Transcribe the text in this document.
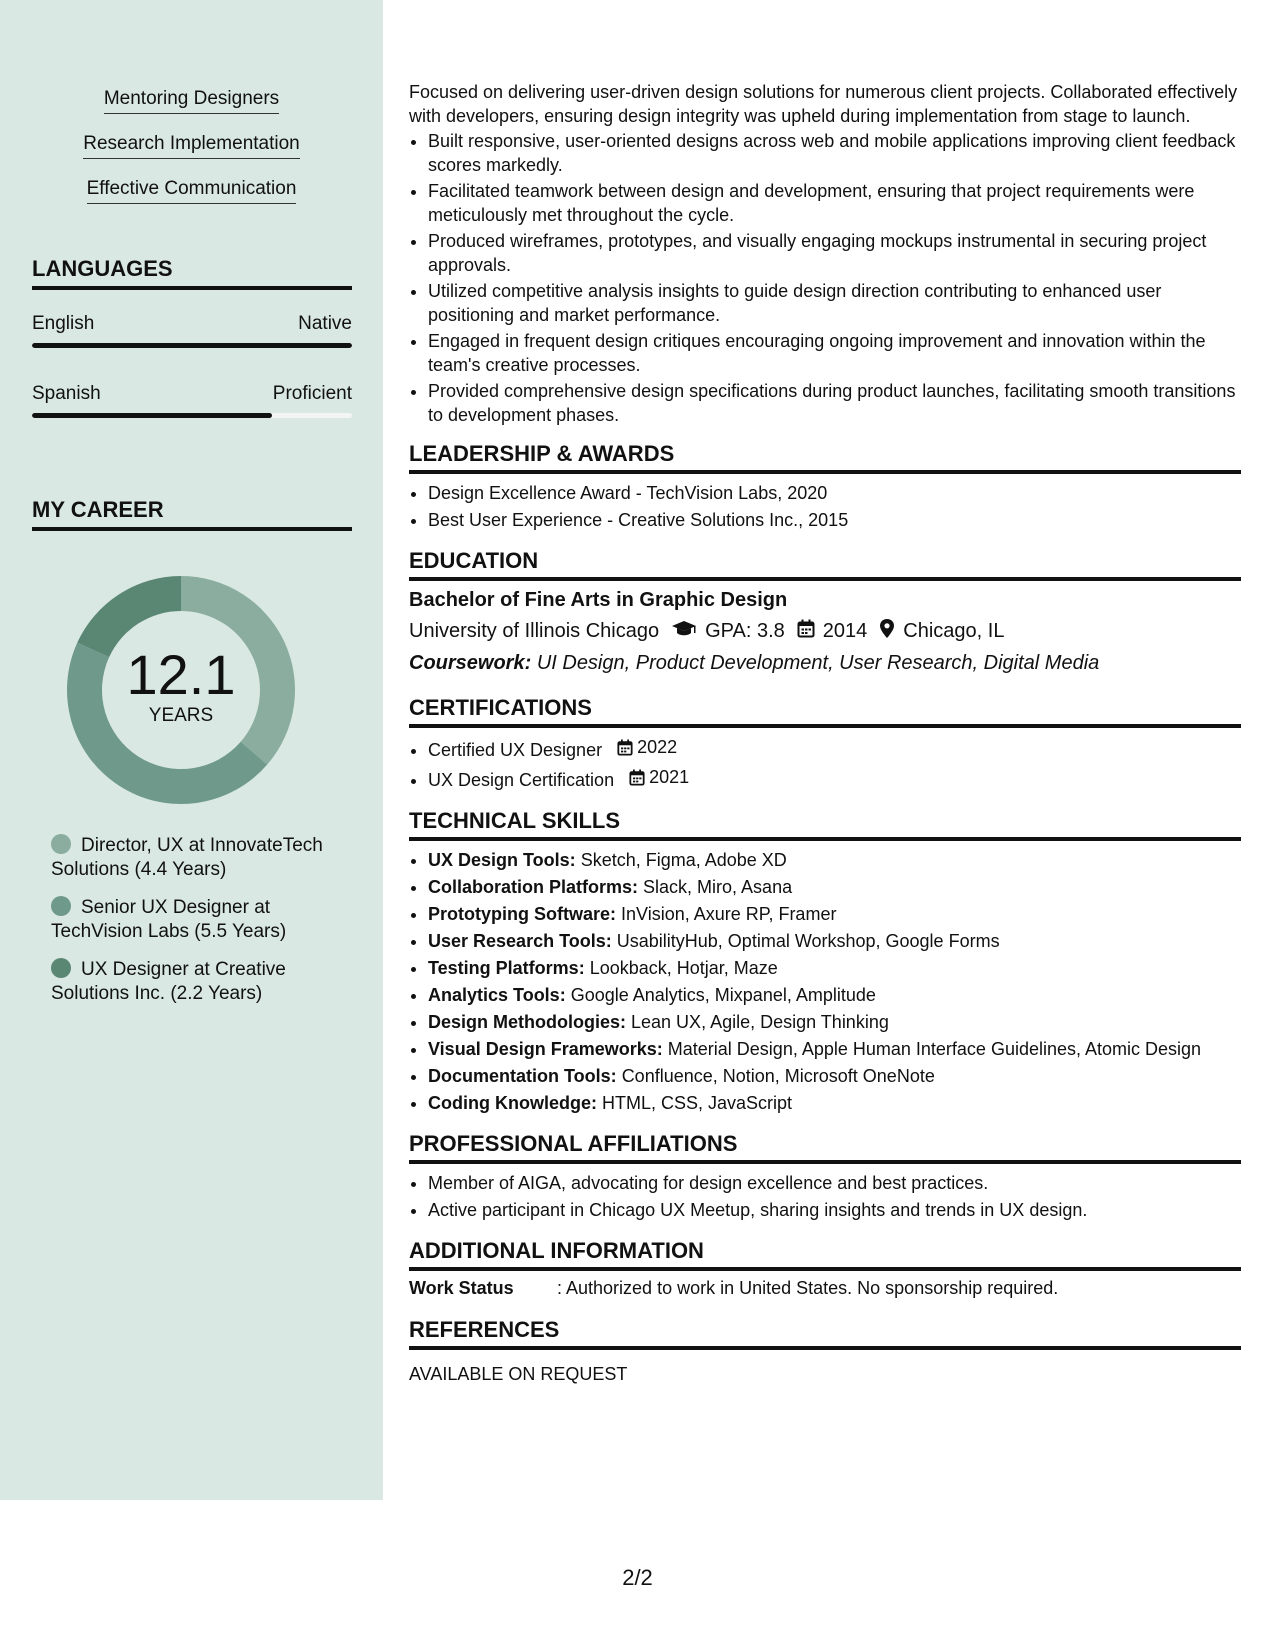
Mentoring Designers
Research Implementation
Effective Communication
LANGUAGES
English	Native
Spanish	Proficient
MY CAREER
12.1
YEARS
Director, UX at InnovateTech Solutions (4.4 Years)
Senior UX Designer at TechVision Labs (5.5 Years)
UX Designer at Creative Solutions Inc. (2.2 Years)

Focused on delivering user-driven design solutions for numerous client projects. Collaborated effectively with developers, ensuring design integrity was upheld during implementation from stage to launch.

• Built responsive, user-oriented designs across web and mobile applications improving client feedback scores markedly.
• Facilitated teamwork between design and development, ensuring that project requirements were meticulously met throughout the cycle.
• Produced wireframes, prototypes, and visually engaging mockups instrumental in securing project approvals.
• Utilized competitive analysis insights to guide design direction contributing to enhanced user positioning and market performance.
• Engaged in frequent design critiques encouraging ongoing improvement and innovation within the team's creative processes.
• Provided comprehensive design specifications during product launches, facilitating smooth transitions to development phases.
LEADERSHIP & AWARDS
• Design Excellence Award - TechVision Labs, 2020
• Best User Experience - Creative Solutions Inc., 2015
EDUCATION
Bachelor of Fine Arts in Graphic Design
University of Illinois Chicago GPA: 3.8 2014 Chicago, IL
Coursework: UI Design, Product Development, User Research, Digital Media
CERTIFICATIONS
• Certified UX Designer 2022
• UX Design Certification 2021
TECHNICAL SKILLS
• UX Design Tools: Sketch, Figma, Adobe XD
• Collaboration Platforms: Slack, Miro, Asana
• Prototyping Software: InVision, Axure RP, Framer
• User Research Tools: UsabilityHub, Optimal Workshop, Google Forms
• Testing Platforms: Lookback, Hotjar, Maze
• Analytics Tools: Google Analytics, Mixpanel, Amplitude
• Design Methodologies: Lean UX, Agile, Design Thinking
• Visual Design Frameworks: Material Design, Apple Human Interface Guidelines, Atomic Design
• Documentation Tools: Confluence, Notion, Microsoft OneNote
• Coding Knowledge: HTML, CSS, JavaScript
PROFESSIONAL AFFILIATIONS
• Member of AIGA, advocating for design excellence and best practices.
• Active participant in Chicago UX Meetup, sharing insights and trends in UX design.
ADDITIONAL INFORMATION
Work Status	: Authorized to work in United States. No sponsorship required.
REFERENCES
AVAILABLE ON REQUEST
2/2
